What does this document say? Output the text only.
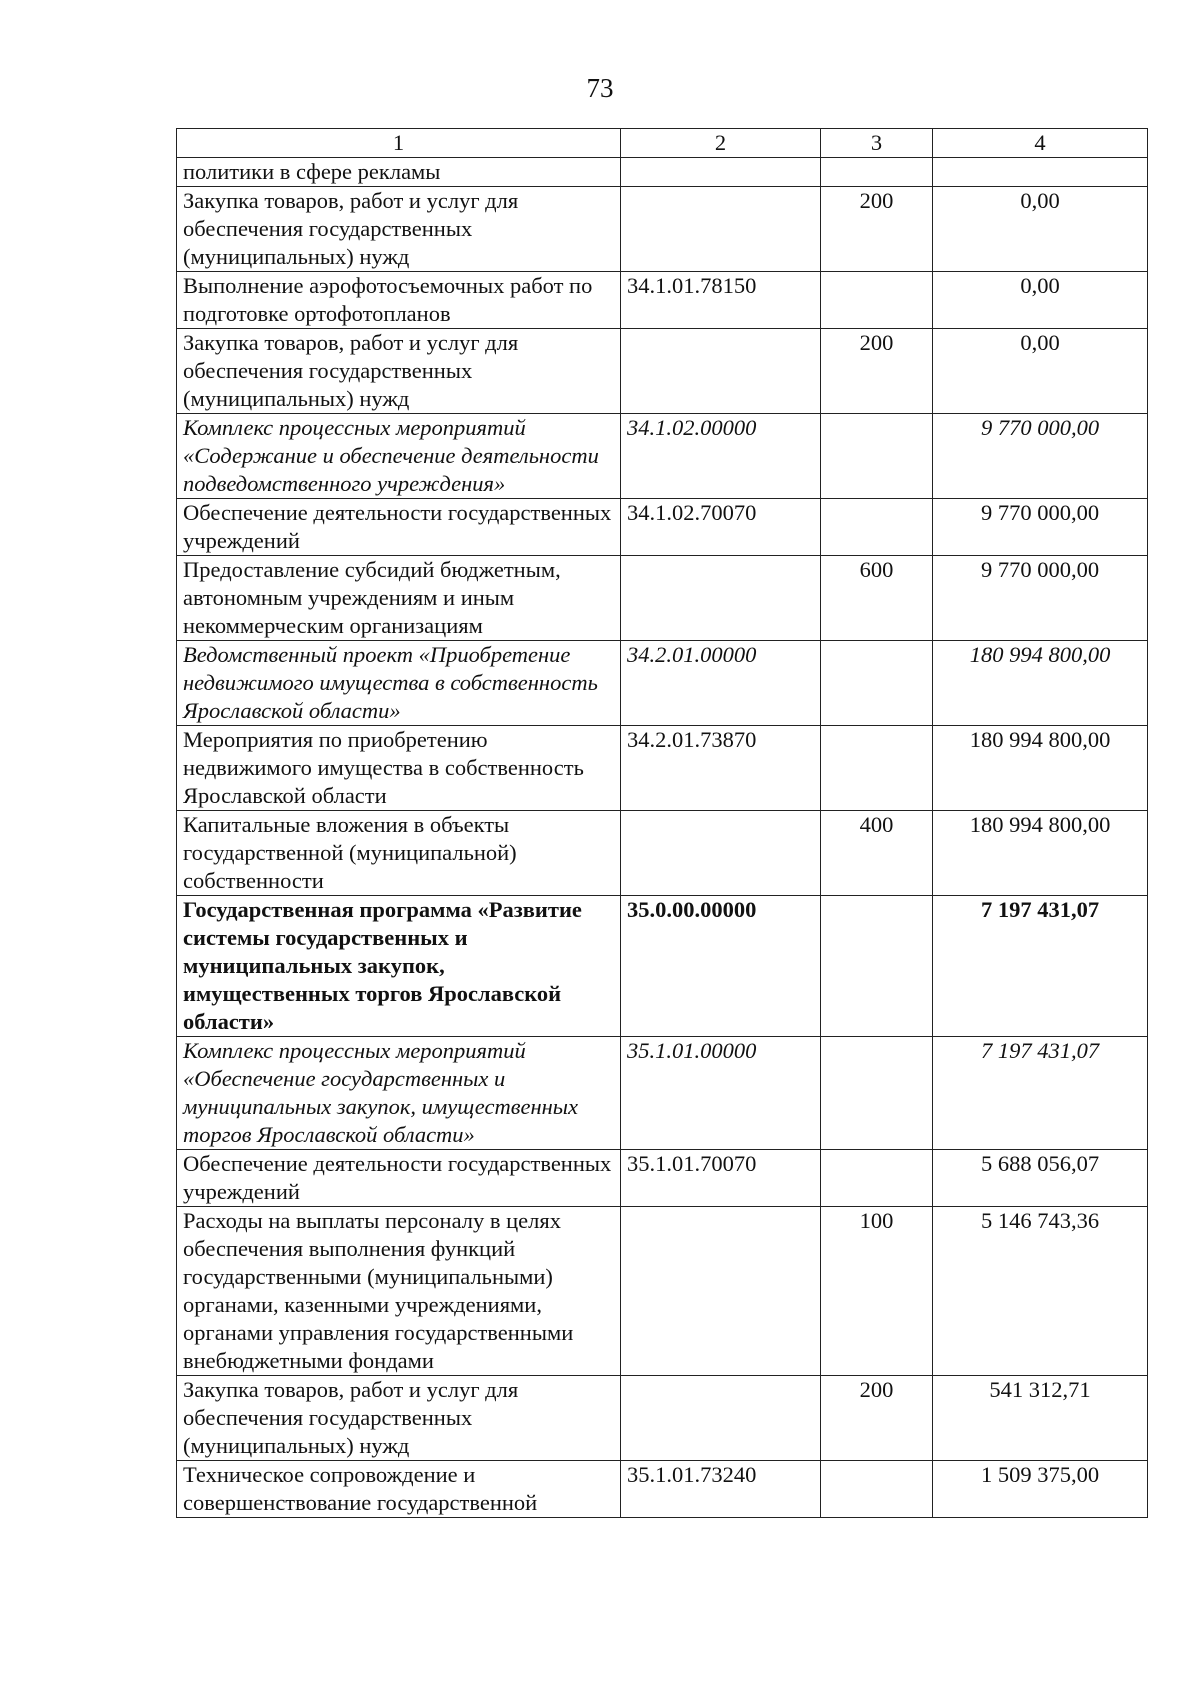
73
1	2	3	4
политики в сфере рекламы			
Закупка товаров, работ и услуг для обеспечения государственных (муниципальных) нужд		200	0,00
Выполнение аэрофотосъемочных работ по подготовке ортофотопланов	34.1.01.78150		0,00
Закупка товаров, работ и услуг для обеспечения государственных (муниципальных) нужд		200	0,00
Комплекс процессных мероприятий «Содержание и обеспечение деятельности подведомственного учреждения»	34.1.02.00000		9 770 000,00
Обеспечение деятельности государственных учреждений	34.1.02.70070		9 770 000,00
Предоставление субсидий бюджетным, автономным учреждениям и иным некоммерческим организациям		600	9 770 000,00
Ведомственный проект «Приобретение недвижимого имущества в собственность Ярославской области»	34.2.01.00000		180 994 800,00
Мероприятия по приобретению недвижимого имущества в собственность Ярославской области	34.2.01.73870		180 994 800,00
Капитальные вложения в объекты государственной (муниципальной) собственности		400	180 994 800,00
Государственная программа «Развитие системы государственных и муниципальных закупок, имущественных торгов Ярославской области»	35.0.00.00000		7 197 431,07
Комплекс процессных мероприятий «Обеспечение государственных и муниципальных закупок, имущественных торгов Ярославской области»	35.1.01.00000		7 197 431,07
Обеспечение деятельности государственных учреждений	35.1.01.70070		5 688 056,07
Расходы на выплаты персоналу в целях обеспечения выполнения функций государственными (муниципальными) органами, казенными учреждениями, органами управления государственными внебюджетными фондами		100	5 146 743,36
Закупка товаров, работ и услуг для обеспечения государственных (муниципальных) нужд		200	541 312,71
Техническое сопровождение и совершенствование государственной	35.1.01.73240		1 509 375,00
